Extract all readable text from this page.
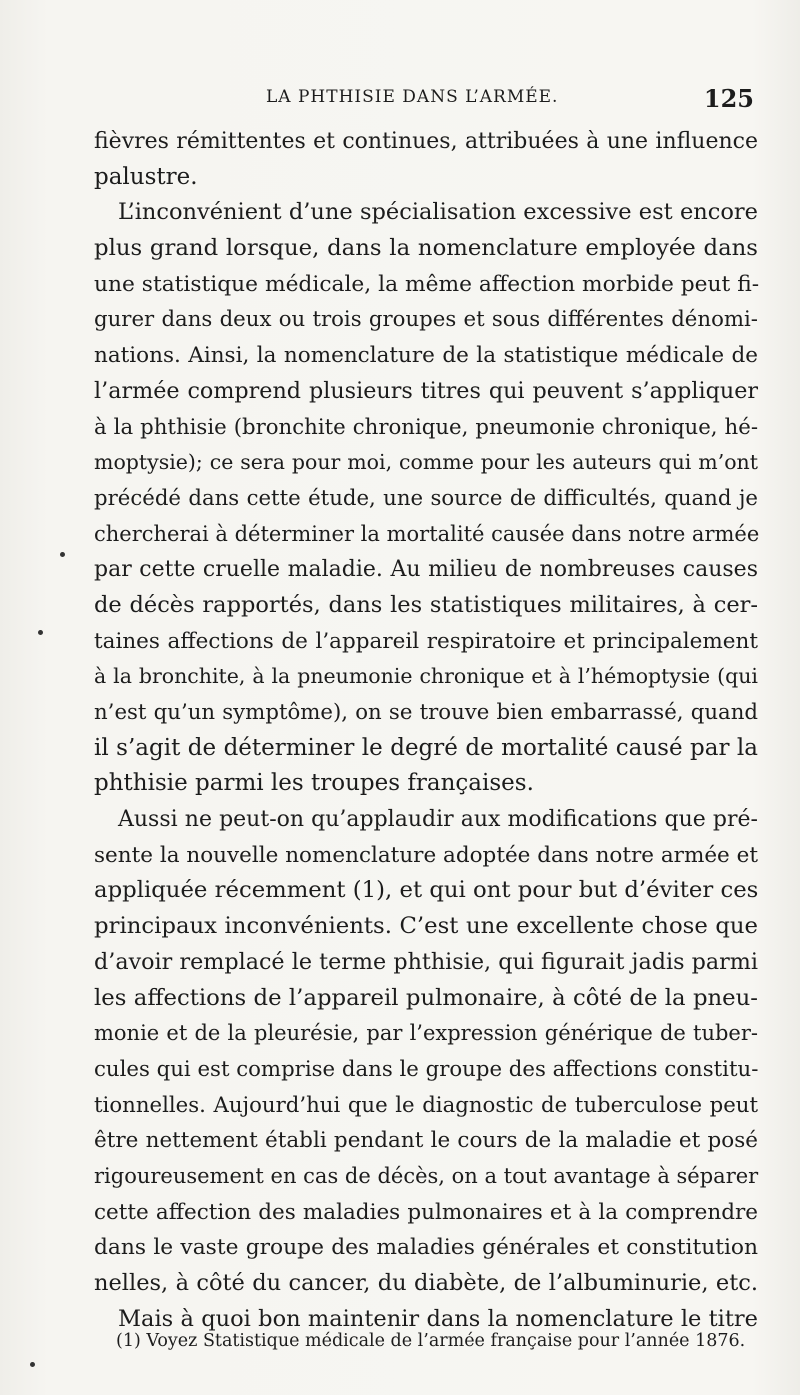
LA PHTHISIE DANS L’ARMÉE.	125
fièvres rémittentes et continues, attribuées à une influence
palustre.
L’inconvénient d’une spécialisation excessive est encore
plus grand lorsque, dans la nomenclature employée dans
une statistique médicale, la même affection morbide peut fi-
gurer dans deux ou trois groupes et sous différentes dénomi-
nations. Ainsi, la nomenclature de la statistique médicale de
l’armée comprend plusieurs titres qui peuvent s’appliquer
à la phthisie (bronchite chronique, pneumonie chronique, hé-
moptysie); ce sera pour moi, comme pour les auteurs qui m’ont
précédé dans cette étude, une source de difficultés, quand je
chercherai à déterminer la mortalité causée dans notre armée
par cette cruelle maladie. Au milieu de nombreuses causes
de décès rapportés, dans les statistiques militaires, à cer-
taines affections de l’appareil respiratoire et principalement
à la bronchite, à la pneumonie chronique et à l’hémoptysie (qui
n’est qu’un symptôme), on se trouve bien embarrassé, quand
il s’agit de déterminer le degré de mortalité causé par la
phthisie parmi les troupes françaises.
Aussi ne peut-on qu’applaudir aux modifications que pré-
sente la nouvelle nomenclature adoptée dans notre armée et
appliquée récemment (1), et qui ont pour but d’éviter ces
principaux inconvénients. C’est une excellente chose que
d’avoir remplacé le terme phthisie, qui figurait jadis parmi
les affections de l’appareil pulmonaire, à côté de la pneu-
monie et de la pleurésie, par l’expression générique de tuber-
cules qui est comprise dans le groupe des affections constitu-
tionnelles. Aujourd’hui que le diagnostic de tuberculose peut
être nettement établi pendant le cours de la maladie et posé
rigoureusement en cas de décès, on a tout avantage à séparer
cette affection des maladies pulmonaires et à la comprendre
dans le vaste groupe des maladies générales et constitution
nelles, à côté du cancer, du diabète, de l’albuminurie, etc.
Mais à quoi bon maintenir dans la nomenclature le titre
(1) Voyez Statistique médicale de l’armée française pour l’année 1876.
